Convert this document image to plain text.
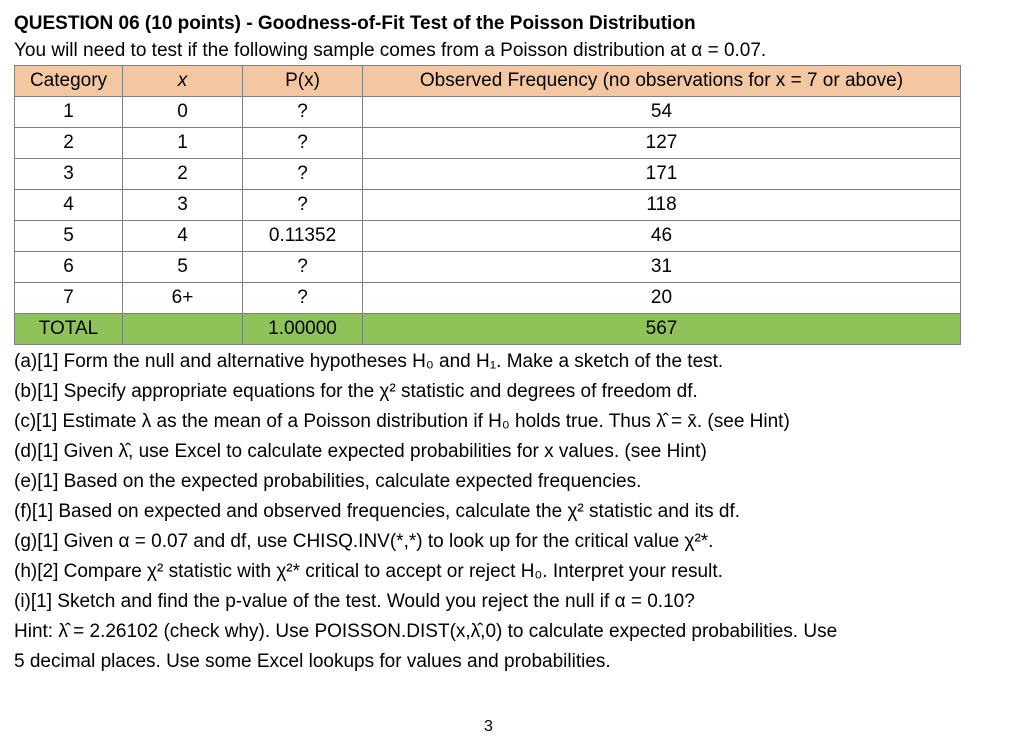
QUESTION 06 (10 points) - Goodness-of-Fit Test of the Poisson Distribution
You will need to test if the following sample comes from a Poisson distribution at α = 0.07.
Category	x	P(x)	Observed Frequency (no observations for x = 7 or above)
1	0	?	54
2	1	?	127
3	2	?	171
4	3	?	118
5	4	0.11352	46
6	5	?	31
7	6+	?	20
TOTAL		1.00000	567
(a)[1] Form the null and alternative hypotheses H₀ and H₁. Make a sketch of the test.
(b)[1] Specify appropriate equations for the χ² statistic and degrees of freedom df.
(c)[1] Estimate λ as the mean of a Poisson distribution if H₀ holds true. Thus λ̂ = x̄. (see Hint)
(d)[1] Given λ̂, use Excel to calculate expected probabilities for x values. (see Hint)
(e)[1] Based on the expected probabilities, calculate expected frequencies.
(f)[1] Based on expected and observed frequencies, calculate the χ² statistic and its df.
(g)[1] Given α = 0.07 and df, use CHISQ.INV(*,*) to look up for the critical value χ²*.
(h)[2] Compare χ² statistic with χ²* critical to accept or reject H₀. Interpret your result.
(i)[1] Sketch and find the p-value of the test. Would you reject the null if α = 0.10?
Hint: λ̂ = 2.26102 (check why). Use POISSON.DIST(x,λ̂,0) to calculate expected probabilities. Use
5 decimal places. Use some Excel lookups for values and probabilities.
3
